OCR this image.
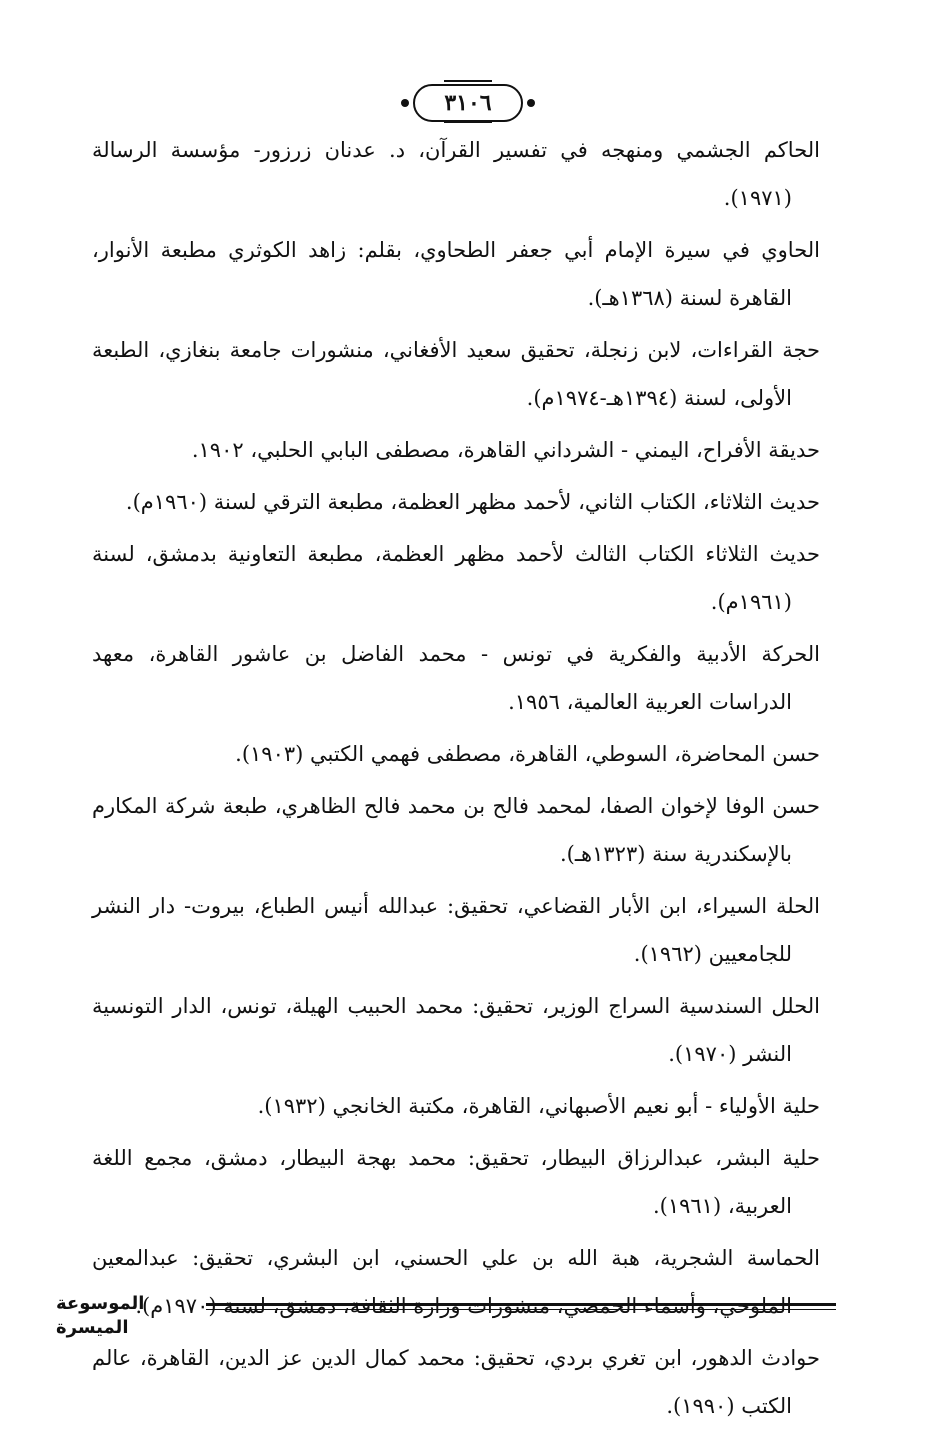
٣١٠٦

الحاكم الجشمي ومنهجه في تفسير القرآن، د. عدنان زرزور- مؤسسة الرسالة (١٩٧١).

الحاوي في سيرة الإمام أبي جعفر الطحاوي، بقلم: زاهد الكوثري مطبعة الأنوار، القاهرة لسنة (١٣٦٨هـ).

حجة القراءات، لابن زنجلة، تحقيق سعيد الأفغاني، منشورات جامعة بنغازي، الطبعة الأولى، لسنة (١٣٩٤هـ-١٩٧٤م).

حديقة الأفراح، اليمني - الشرداني القاهرة، مصطفى البابي الحلبي، ١٩٠٢.

حديث الثلاثاء، الكتاب الثاني، لأحمد مظهر العظمة، مطبعة الترقي لسنة (١٩٦٠م).

حديث الثلاثاء الكتاب الثالث لأحمد مظهر العظمة، مطبعة التعاونية بدمشق، لسنة (١٩٦١م).

الحركة الأدبية والفكرية في تونس - محمد الفاضل بن عاشور القاهرة، معهد الدراسات العربية العالمية، ١٩٥٦.

حسن المحاضرة، السوطي، القاهرة، مصطفى فهمي الكتبي (١٩٠٣).

حسن الوفا لإخوان الصفا، لمحمد فالح بن محمد فالح الظاهري، طبعة شركة المكارم بالإسكندرية سنة (١٣٢٣هـ).

الحلة السيراء، ابن الأبار القضاعي، تحقيق: عبدالله أنيس الطباع، بيروت- دار النشر للجامعيين (١٩٦٢).

الحلل السندسية السراج الوزير، تحقيق: محمد الحبيب الهيلة، تونس، الدار التونسية النشر (١٩٧٠).

حلية الأولياء - أبو نعيم الأصبهاني، القاهرة، مكتبة الخانجي (١٩٣٢).

حلية البشر، عبدالرزاق البيطار، تحقيق: محمد بهجة البيطار، دمشق، مجمع اللغة العربية، (١٩٦١).

الحماسة الشجرية، هبة الله بن علي الحسني، ابن البشري، تحقيق: عبدالمعين الملوحي، وأسماء الحمصي، منشورات وزارة الثقافة، دمشق، لسنة (١٩٧٠م).

حوادث الدهور، ابن تغري بردي، تحقيق: محمد كمال الدين عز الدين، القاهرة، عالم الكتب (١٩٩٠).

الموسوعة الميسرة
